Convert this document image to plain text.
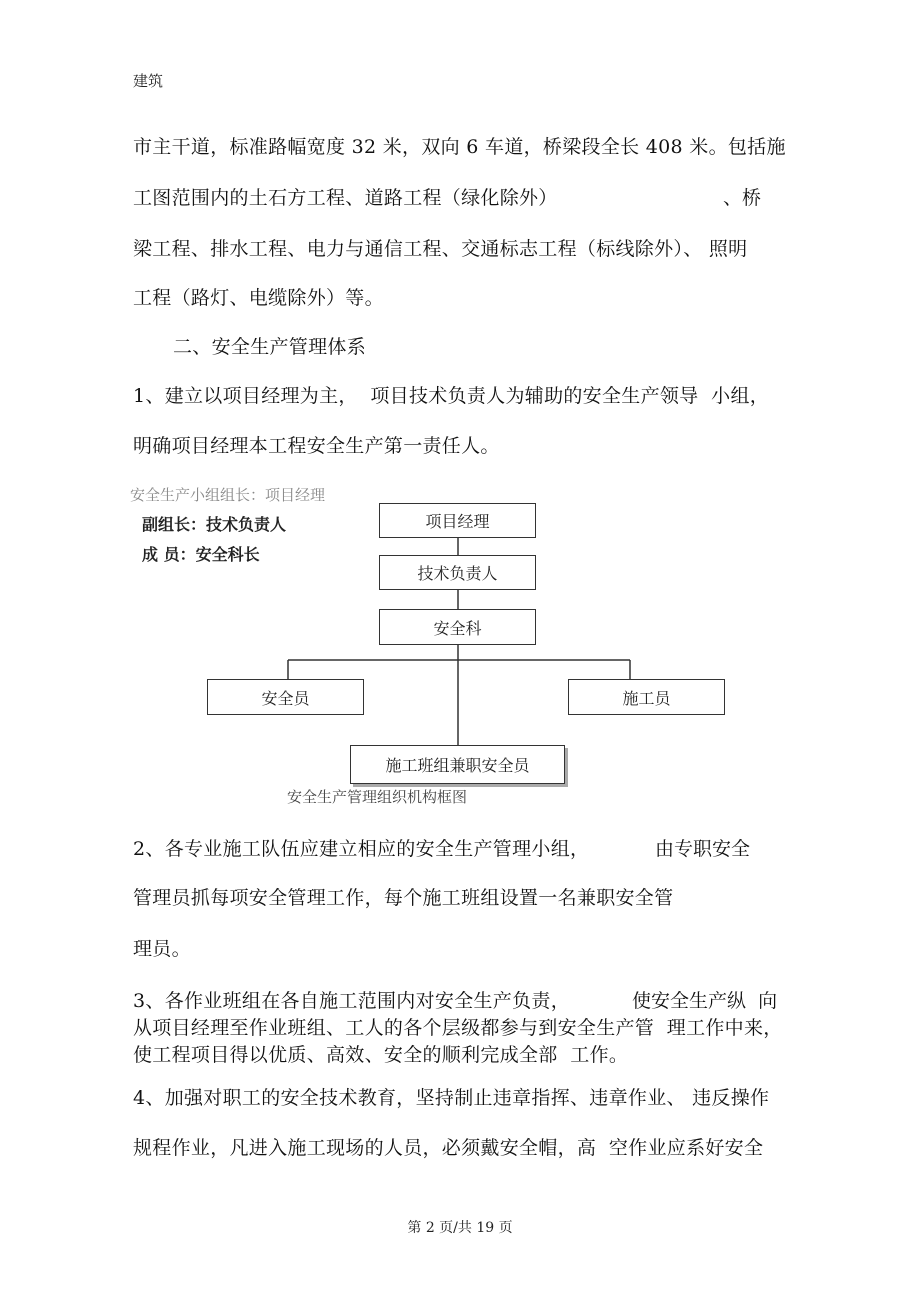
建筑
市主干道，标准路幅宽度 32 米，双向 6 车道，桥梁段全长 408 米。包括施
工图范围内的土石方工程、道路工程（绿化除外）	、桥
梁工程、排水工程、电力与通信工程、交通标志工程（标线除外）、 照明
工程（路灯、电缆除外）等。
二、安全生产管理体系
1、建立以项目经理为主，  项目技术负责人为辅助的安全生产领导  小组，
明确项目经理本工程安全生产第一责任人。
安全生产小组组长：项目经理
副组长：技术负责人
成 员：安全科长
项目经理
技术负责人
安全科
安全员	施工员
施工班组兼职安全员
安全生产管理组织机构框图
2、各专业施工队伍应建立相应的安全生产管理小组，	由专职安全
管理员抓每项安全管理工作，每个施工班组设置一名兼职安全管
理员。
3、各作业班组在各自施工范围内对安全生产负责，	使安全生产纵  向
从项目经理至作业班组、工人的各个层级都参与到安全生产管  理工作中来，
使工程项目得以优质、高效、安全的顺利完成全部  工作。
4、加强对职工的安全技术教育，坚持制止违章指挥、违章作业、 违反操作
规程作业，凡进入施工现场的人员，必须戴安全帽，高  空作业应系好安全
第 2 页/共 19 页
